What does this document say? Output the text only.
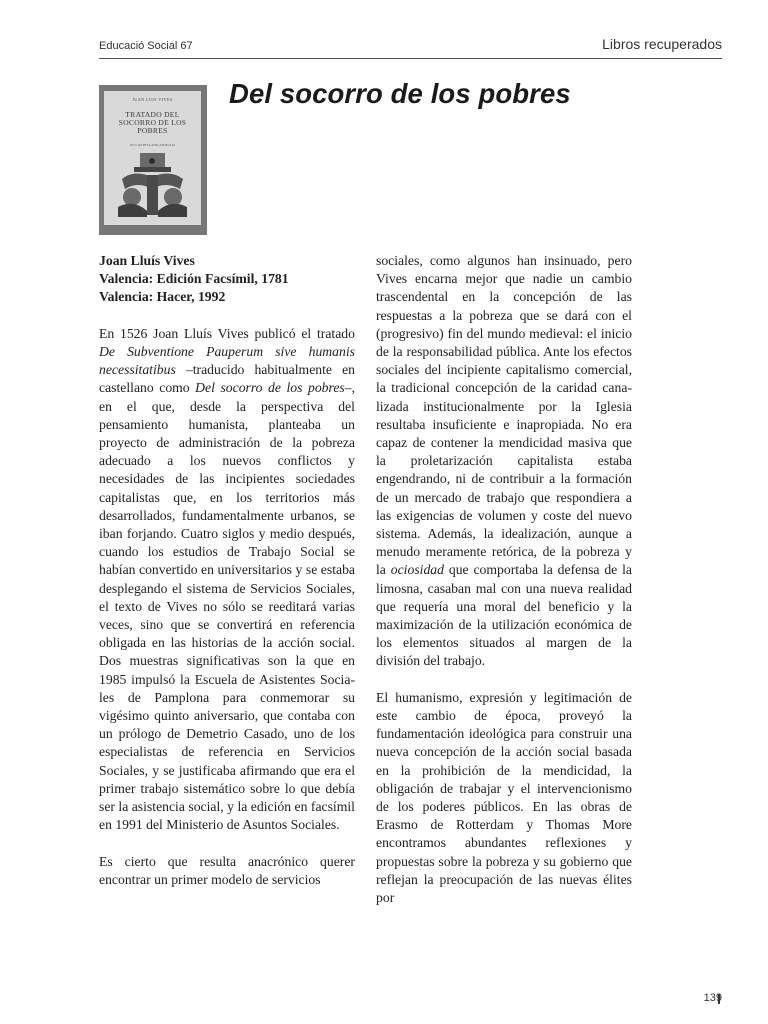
Educació Social 67	Libros recuperados
JUAN LUIS VIVES
TRATADO DEL SOCORRO DE LOS POBRES
EN CASTELLANO ANTIGUO
Del socorro de los pobres
Joan Lluís Vives
Valencia: Edición Facsímil, 1781
Valencia: Hacer, 1992

En 1526 Joan Lluís Vives publicó el tratado De Subventione Pauperum sive humanis necessitatibus –traducido habitualmente en castellano como Del socorro de los pobres–, en el que, desde la perspectiva del pensamiento humanista, planteaba un proyecto de administración de la pobreza adecuado a los nuevos conflictos y necesidades de las incipientes sociedades capitalistas que, en los territorios más desarrollados, fundamentalmente urbanos, se iban forjando. Cuatro siglos y medio después, cuando los estudios de Trabajo Social se habían convertido en universitarios y se estaba desplegando el sistema de Servicios Sociales, el texto de Vives no sólo se reeditará varias veces, sino que se convertirá en referencia obligada en las historias de la acción social. Dos muestras significativas son la que en 1985 impulsó la Escuela de Asistentes Sociales de Pamplona para conmemorar su vigésimo quinto aniversario, que contaba con un prólogo de Demetrio Casado, uno de los especialistas de referencia en Servicios Sociales, y se justificaba afirmando que era el primer trabajo sistemático sobre lo que debía ser la asistencia social, y la edición en facsímil en 1991 del Ministerio de Asuntos Sociales.

Es cierto que resulta anacrónico querer encontrar un primer modelo de servicios

sociales, como algunos han insinuado, pero Vives encarna mejor que nadie un cambio trascendental en la concepción de las respuestas a la pobreza que se dará con el (progresivo) fin del mundo medieval: el inicio de la responsabilidad pública. Ante los efectos sociales del incipiente capitalismo comercial, la tradicional concepción de la caridad canalizada institucionalmente por la Iglesia resultaba insuficiente e inapropiada. No era capaz de contener la mendicidad masiva que la proletarización capitalista estaba engendrando, ni de contribuir a la formación de un mercado de trabajo que respondiera a las exigencias de volumen y coste del nuevo sistema. Además, la idealización, aunque a menudo meramente retórica, de la pobreza y la ociosidad que comportaba la defensa de la limosna, casaban mal con una nueva realidad que requería una moral del beneficio y la maximización de la utilización económica de los elementos situados al margen de la división del trabajo.

El humanismo, expresión y legitimación de este cambio de época, proveyó la fundamentación ideológica para construir una nueva concepción de la acción social basada en la prohibición de la mendicidad, la obligación de trabajar y el intervencionismo de los poderes públicos. En las obras de Erasmo de Rotterdam y Thomas More encontramos abundantes reflexiones y propuestas sobre la pobreza y su gobierno que reflejan la preocupación de las nuevas élites por

139
